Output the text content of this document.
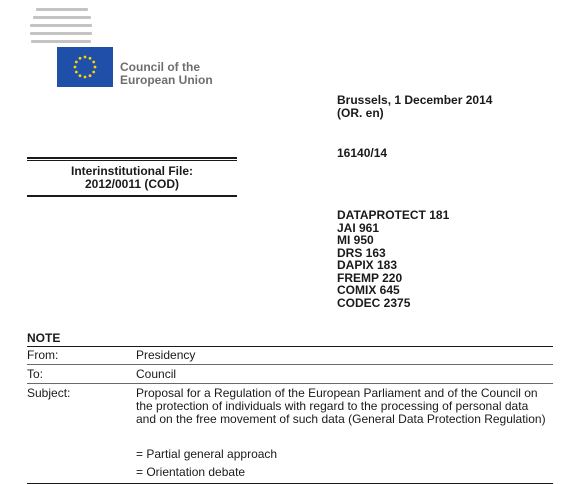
Council of the
European Union
Brussels, 1 December 2014
(OR. en)
16140/14
Interinstitutional File:
2012/0011 (COD)
DATAPROTECT 181
JAI 961
MI 950
DRS 163
DAPIX 183
FREMP 220
COMIX 645
CODEC 2375
NOTE
From:	Presidency
To:	Council
Subject:	Proposal for a Regulation of the European Parliament and of the Council on the protection of individuals with regard to the processing of personal data and on the free movement of such data (General Data Protection Regulation)
= Partial general approach
= Orientation debate
